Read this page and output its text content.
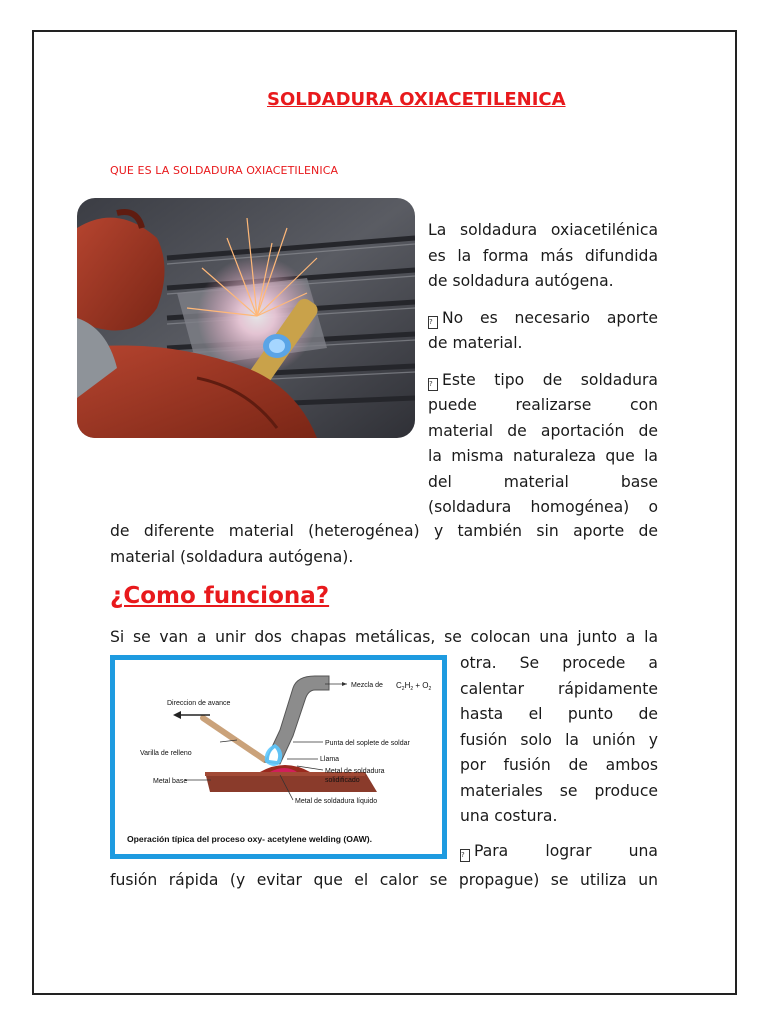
SOLDADURA OXIACETILENICA
QUE ES LA SOLDADURA OXIACETILENICA
La soldadura oxiacetilénica
es la forma más difundida
de soldadura autógena.
? No es necesario aporte
de material.
? Este tipo de soldadura
puede realizarse con
material de aportación de
la misma naturaleza que la
del material base
(soldadura homogénea) o
de diferente material (heterogénea) y también sin aporte de
material (soldadura autógena).
¿Como funciona?
Si se van a unir dos chapas metálicas, se colocan una junto a la
Direccion de avance
Mezcla de $C_2H_2 + O_2$
Varilla de relleno
Punta del soplete de soldar
Llama
Metal de soldadura
solidificado
Metal base
Metal de soldadura líquido
Operación típica del proceso oxy- acetylene welding (OAW).
otra. Se procede a
calentar rápidamente
hasta el punto de
fusión solo la unión y
por fusión de ambos
materiales se produce
una costura.
? Para lograr una
fusión rápida (y evitar que el calor se propague) se utiliza un
